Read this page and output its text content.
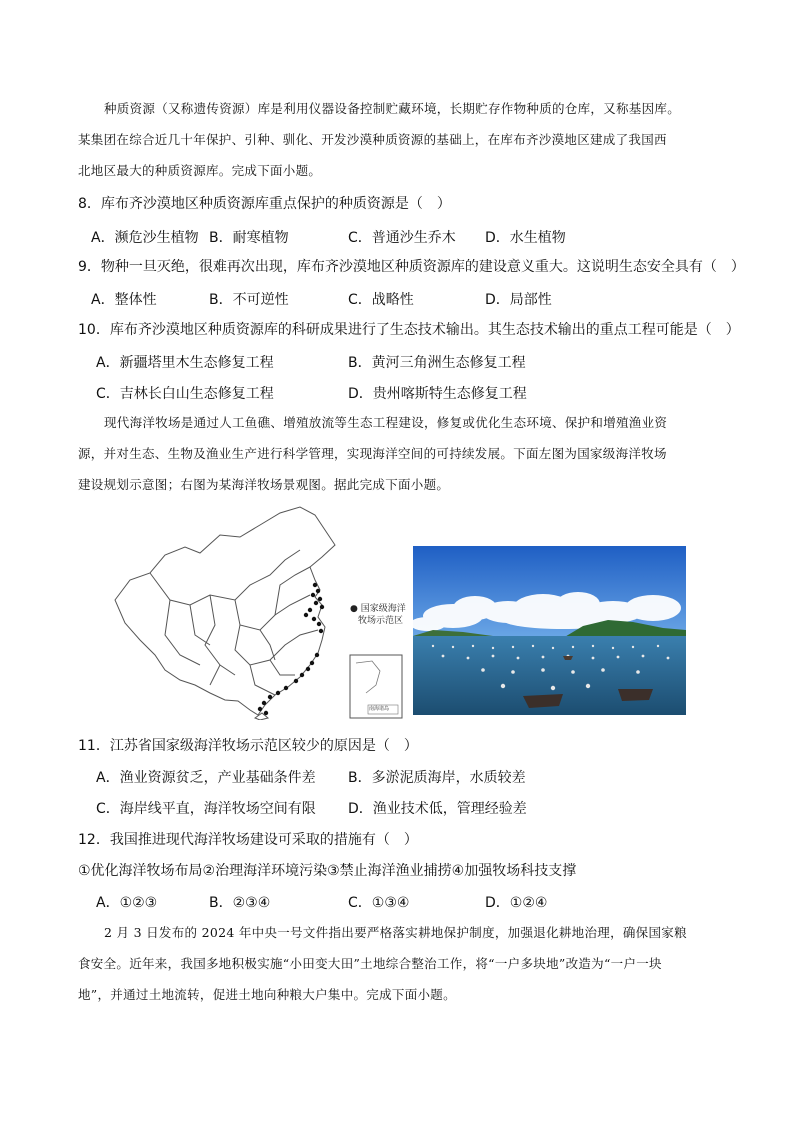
种质资源（又称遗传资源）库是利用仪器设备控制贮藏环境，长期贮存作物种质的仓库，又称基因库。
某集团在综合近几十年保护、引种、驯化、开发沙漠种质资源的基础上，在库布齐沙漠地区建成了我国西
北地区最大的种质资源库。完成下面小题。
8．库布齐沙漠地区种质资源库重点保护的种质资源是（　）
A．濒危沙生植物 B．耐寒植物	C．普通沙生乔木 D．水生植物
9．物种一旦灭绝，很难再次出现，库布齐沙漠地区种质资源库的建设意义重大。这说明生态安全具有（　）
A．整体性	B．不可逆性	C．战略性	D．局部性
10．库布齐沙漠地区种质资源库的科研成果进行了生态技术输出。其生态技术输出的重点工程可能是（　）
A．新疆塔里木生态修复工程	B．黄河三角洲生态修复工程
C．吉林长白山生态修复工程	D．贵州喀斯特生态修复工程
现代海洋牧场是通过人工鱼礁、增殖放流等生态工程建设，修复或优化生态环境、保护和增殖渔业资
源，并对生态、生物及渔业生产进行科学管理，实现海洋空间的可持续发展。下面左图为国家级海洋牧场
建设规划示意图；右图为某海洋牧场景观图。据此完成下面小题。
● 国家级海洋
牧场示范区
南海诸岛
11．江苏省国家级海洋牧场示范区较少的原因是（　）
A．渔业资源贫乏，产业基础条件差 B．多淤泥质海岸，水质较差
C．海岸线平直，海洋牧场空间有限 D．渔业技术低，管理经验差
12．我国推进现代海洋牧场建设可采取的措施有（　）
①优化海洋牧场布局②治理海洋环境污染③禁止海洋渔业捕捞④加强牧场科技支撑
A．①②③	B．②③④	C．①③④	D．①②④
2 月 3 日发布的 2024 年中央一号文件指出要严格落实耕地保护制度，加强退化耕地治理，确保国家粮
食安全。近年来，我国多地积极实施“小田变大田”土地综合整治工作，将“一户多块地”改造为“一户一块
地”，并通过土地流转，促进土地向种粮大户集中。完成下面小题。
